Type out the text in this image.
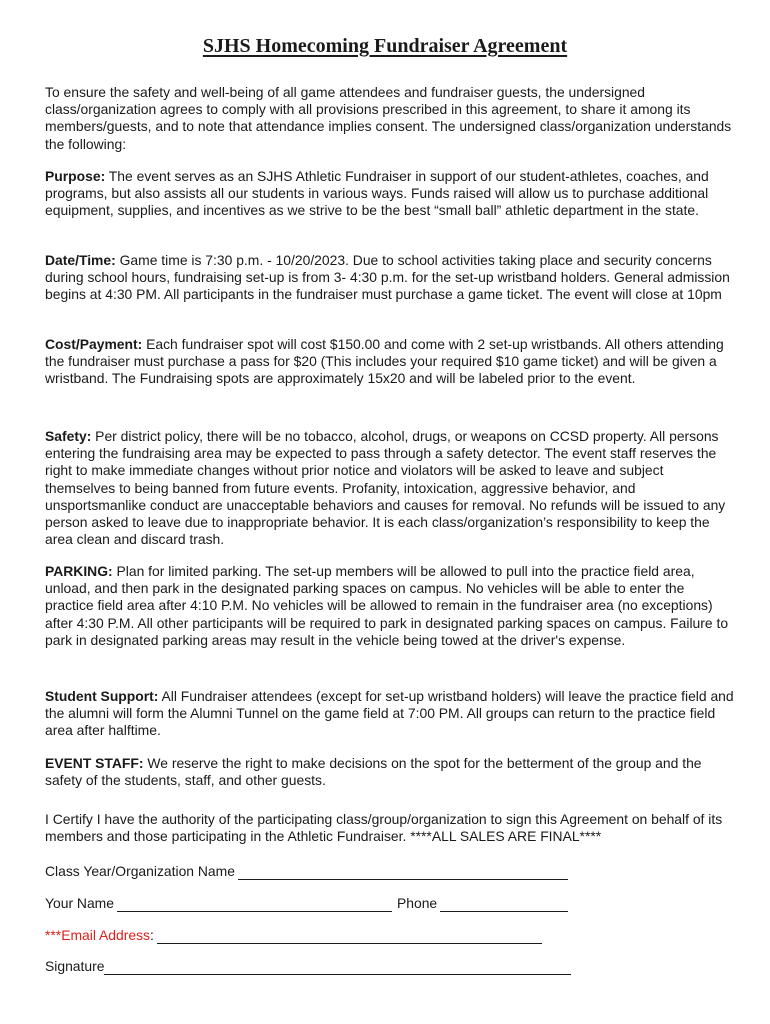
SJHS Homecoming Fundraiser Agreement

To ensure the safety and well-being of all game attendees and fundraiser guests, the undersigned class/organization agrees to comply with all provisions prescribed in this agreement, to share it among its members/guests, and to note that attendance implies consent. The undersigned class/organization understands the following:

Purpose: The event serves as an SJHS Athletic Fundraiser in support of our student-athletes, coaches, and programs, but also assists all our students in various ways. Funds raised will allow us to purchase additional equipment, supplies, and incentives as we strive to be the best “small ball” athletic department in the state.

Date/Time: Game time is 7:30 p.m. - 10/20/2023. Due to school activities taking place and security concerns during school hours, fundraising set-up is from 3- 4:30 p.m. for the set-up wristband holders. General admission begins at 4:30 PM. All participants in the fundraiser must purchase a game ticket. The event will close at 10pm

Cost/Payment: Each fundraiser spot will cost $150.00 and come with 2 set-up wristbands. All others attending the fundraiser must purchase a pass for $20 (This includes your required $10 game ticket) and will be given a wristband. The Fundraising spots are approximately 15x20 and will be labeled prior to the event.

Safety: Per district policy, there will be no tobacco, alcohol, drugs, or weapons on CCSD property. All persons entering the fundraising area may be expected to pass through a safety detector. The event staff reserves the right to make immediate changes without prior notice and violators will be asked to leave and subject themselves to being banned from future events. Profanity, intoxication, aggressive behavior, and unsportsmanlike conduct are unacceptable behaviors and causes for removal. No refunds will be issued to any person asked to leave due to inappropriate behavior. It is each class/organization’s responsibility to keep the area clean and discard trash.

PARKING: Plan for limited parking. The set-up members will be allowed to pull into the practice field area, unload, and then park in the designated parking spaces on campus. No vehicles will be able to enter the practice field area after 4:10 P.M. No vehicles will be allowed to remain in the fundraiser area (no exceptions) after 4:30 P.M. All other participants will be required to park in designated parking spaces on campus. Failure to park in designated parking areas may result in the vehicle being towed at the driver's expense.

Student Support: All Fundraiser attendees (except for set-up wristband holders) will leave the practice field and the alumni will form the Alumni Tunnel on the game field at 7:00 PM. All groups can return to the practice field area after halftime.

EVENT STAFF: We reserve the right to make decisions on the spot for the betterment of the group and the safety of the students, staff, and other guests.

I Certify I have the authority of the participating class/group/organization to sign this Agreement on behalf of its members and those participating in the Athletic Fundraiser. ****ALL SALES ARE FINAL****

Class Year/Organization Name
Your Name	Phone
***Email Address :
Signature
